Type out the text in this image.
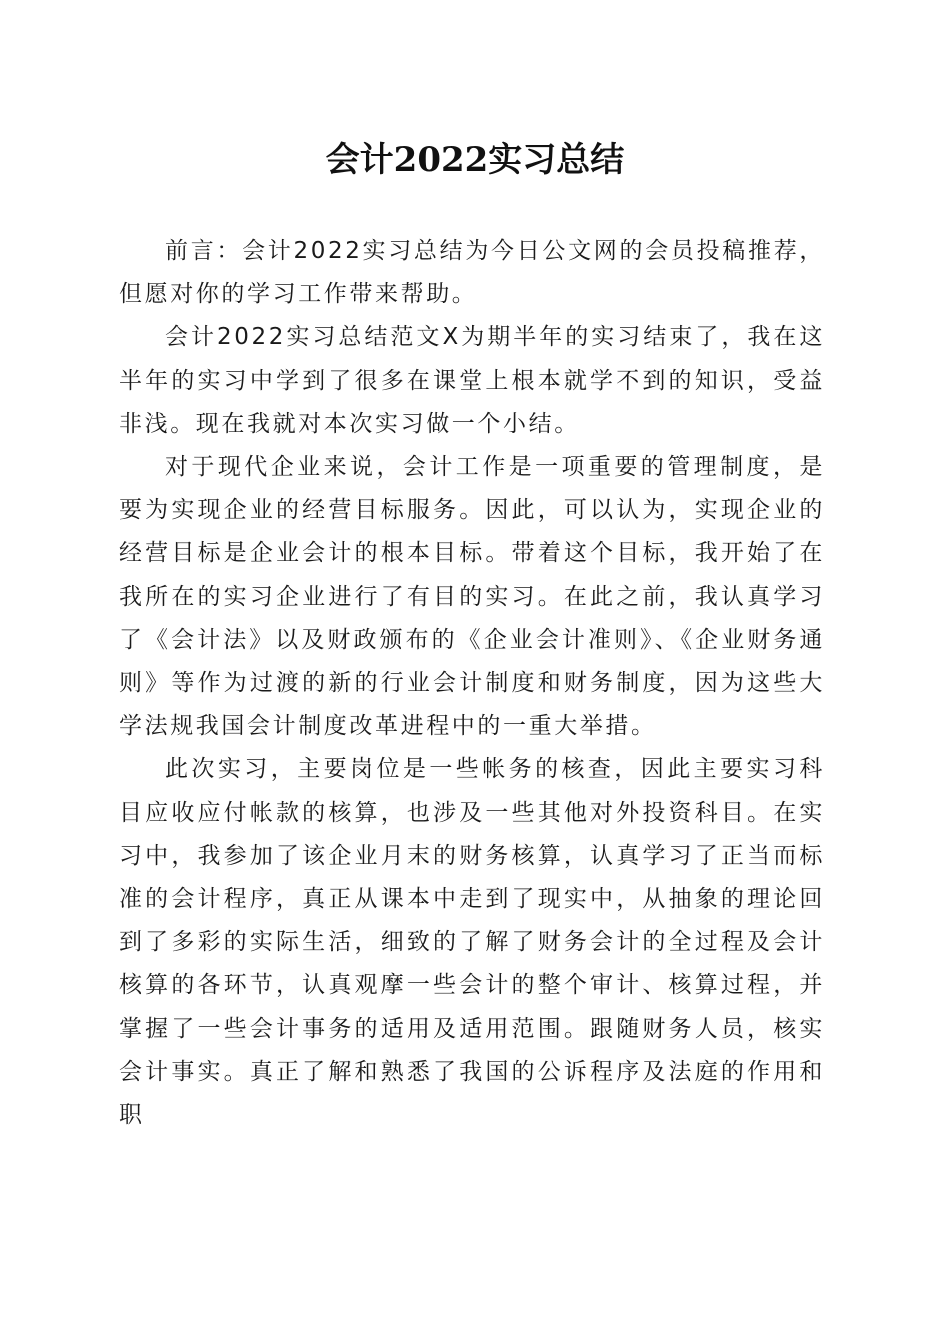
会计2022实习总结

前言：会计2022实习总结为今日公文网的会员投稿推荐，但愿对你的学习工作带来帮助。

会计2022实习总结范文X为期半年的实习结束了，我在这半年的实习中学到了很多在课堂上根本就学不到的知识，受益非浅。现在我就对本次实习做一个小结。

对于现代企业来说，会计工作是一项重要的管理制度，是要为实现企业的经营目标服务。因此，可以认为，实现企业的经营目标是企业会计的根本目标。带着这个目标，我开始了在我所在的实习企业进行了有目的实习。在此之前，我认真学习了《会计法》以及财政颁布的《企业会计准则》、《企业财务通则》等作为过渡的新的行业会计制度和财务制度，因为这些大学法规我国会计制度改革进程中的一重大举措。

此次实习，主要岗位是一些帐务的核查，因此主要实习科目应收应付帐款的核算，也涉及一些其他对外投资科目。在实习中，我参加了该企业月末的财务核算，认真学习了正当而标准的会计程序，真正从课本中走到了现实中，从抽象的理论回到了多彩的实际生活，细致的了解了财务会计的全过程及会计核算的各环节，认真观摩一些会计的整个审计、核算过程，并掌握了一些会计事务的适用及适用范围。跟随财务人员，核实会计事实。真正了解和熟悉了我国的公诉程序及法庭的作用和职
